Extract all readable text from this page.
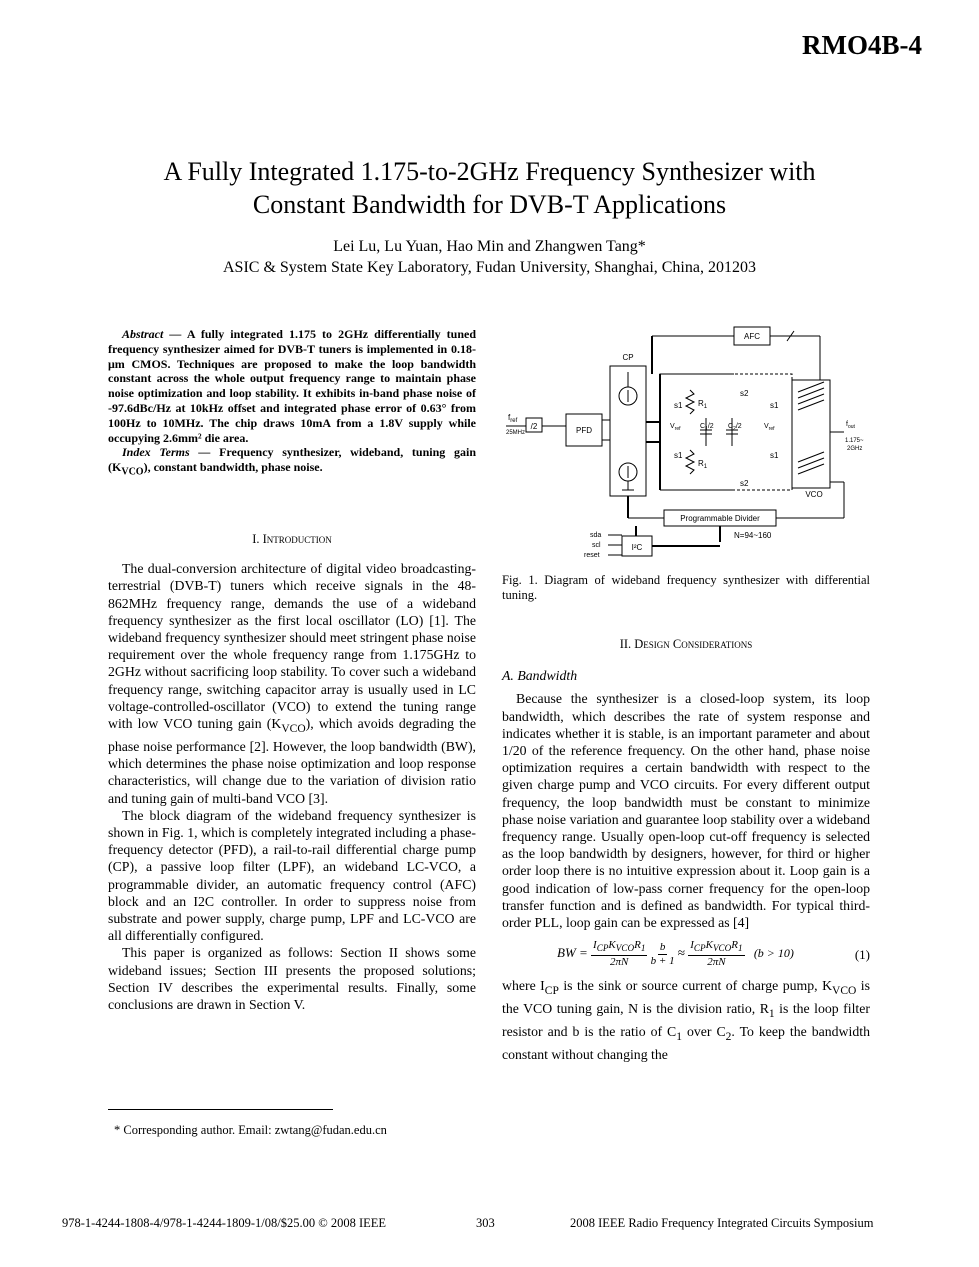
RMO4B-4
A Fully Integrated 1.175-to-2GHz Frequency Synthesizer with
Constant Bandwidth for DVB-T Applications
Lei Lu, Lu Yuan, Hao Min and Zhangwen Tang*
ASIC & System State Key Laboratory, Fudan University, Shanghai, China, 201203

Abstract — A fully integrated 1.175 to 2GHz differentially tuned frequency synthesizer aimed for DVB-T tuners is implemented in 0.18-μm CMOS. Techniques are proposed to make the loop bandwidth constant across the whole output frequency range to maintain phase noise optimization and loop stability. It exhibits in-band phase noise of -97.6dBc/Hz at 10kHz offset and integrated phase error of 0.63° from 100Hz to 10MHz. The chip draws 10mA from a 1.8V supply while occupying 2.6mm² die area.

Index Terms — Frequency synthesizer, wideband, tuning gain $(K_{VCO})$, constant bandwidth, phase noise.

I. Introduction

The dual-conversion architecture of digital video broadcasting-terrestrial (DVB-T) tuners which receive signals in the 48-862MHz frequency range, demands the use of a wideband frequency synthesizer as the first local oscillator (LO) [1]. The wideband frequency synthesizer should meet stringent phase noise requirement over the whole frequency range from 1.175GHz to 2GHz without sacrificing loop stability. To cover such a wideband frequency range, switching capacitor array is usually used in LC voltage-controlled-oscillator (VCO) to extend the tuning range with low VCO tuning gain $(K_{VCO})$, which avoids degrading the phase noise performance [2]. However, the loop bandwidth (BW), which determines the phase noise optimization and loop response characteristics, will change due to the variation of division ratio and tuning gain of multi-band VCO [3].

The block diagram of the wideband frequency synthesizer is shown in Fig. 1, which is completely integrated including a phase-frequency detector (PFD), a rail-to-rail differential charge pump (CP), a passive loop filter (LPF), an wideband LC-VCO, a programmable divider, an automatic frequency control (AFC) block and an I2C controller. In order to suppress noise from substrate and power supply, charge pump, LPF and LC-VCO are all differentially configured.

This paper is organized as follows: Section II shows some wideband issues; Section III presents the proposed solutions; Section IV describes the experimental results. Finally, some conclusions are drawn in Section V.

* Corresponding author. Email: zwtang@fudan.edu.cn
AFC
$f_{ref}$
25MHz
/2	PFD
CP
s1
s1
s1
s1
s2
s2
$R_1$
$R_1$
$C_1/2$ $C_2/2$
$V_{ref}$	$V_{ref}$
VCO
$f_{out}$
1.175~
2GHz
Programmable Divider
N=94~160
I²C
sda
scl
reset
Fig. 1. Diagram of wideband frequency synthesizer with differential tuning.

II. Design Considerations

A. Bandwidth

Because the synthesizer is a closed-loop system, its loop bandwidth, which describes the rate of system response and indicates whether it is stable, is an important parameter and about 1/20 of the reference frequency. On the other hand, phase noise optimization requires a certain bandwidth with respect to the given charge pump and VCO circuits. For every different output frequency, the loop bandwidth must be constant to minimize phase noise variation and guarantee loop stability over a wideband frequency range. Usually open-loop cut-off frequency is selected as the loop bandwidth by designers, however, for third or higher order loop there is no intuitive expression about it. Loop gain is a good indication of low-pass corner frequency for the open-loop transfer function and is defined as bandwidth. For typical third-order PLL, loop gain can be expressed as [4]

BW = $\frac{I_{CP}K_{VCO}R_1}{2\pi N}$
$\frac{b}{b + 1} \approx \frac{I_{CP}K_{VCO}R_1}{2\pi N} (b > 10)$	(1)

where $I_{CP}$ is the sink or source current of charge pump, $K_{VCO}$ is the VCO tuning gain, N is the division ratio, $R_1$ is the loop filter resistor and b is the ratio of $C_1$ over $C_2$. To keep the bandwidth constant without changing the

978-1-4244-1808-4/978-1-4244-1809-1/08/$25.00 © 2008 IEEE	303	2008 IEEE Radio Frequency Integrated Circuits Symposium
